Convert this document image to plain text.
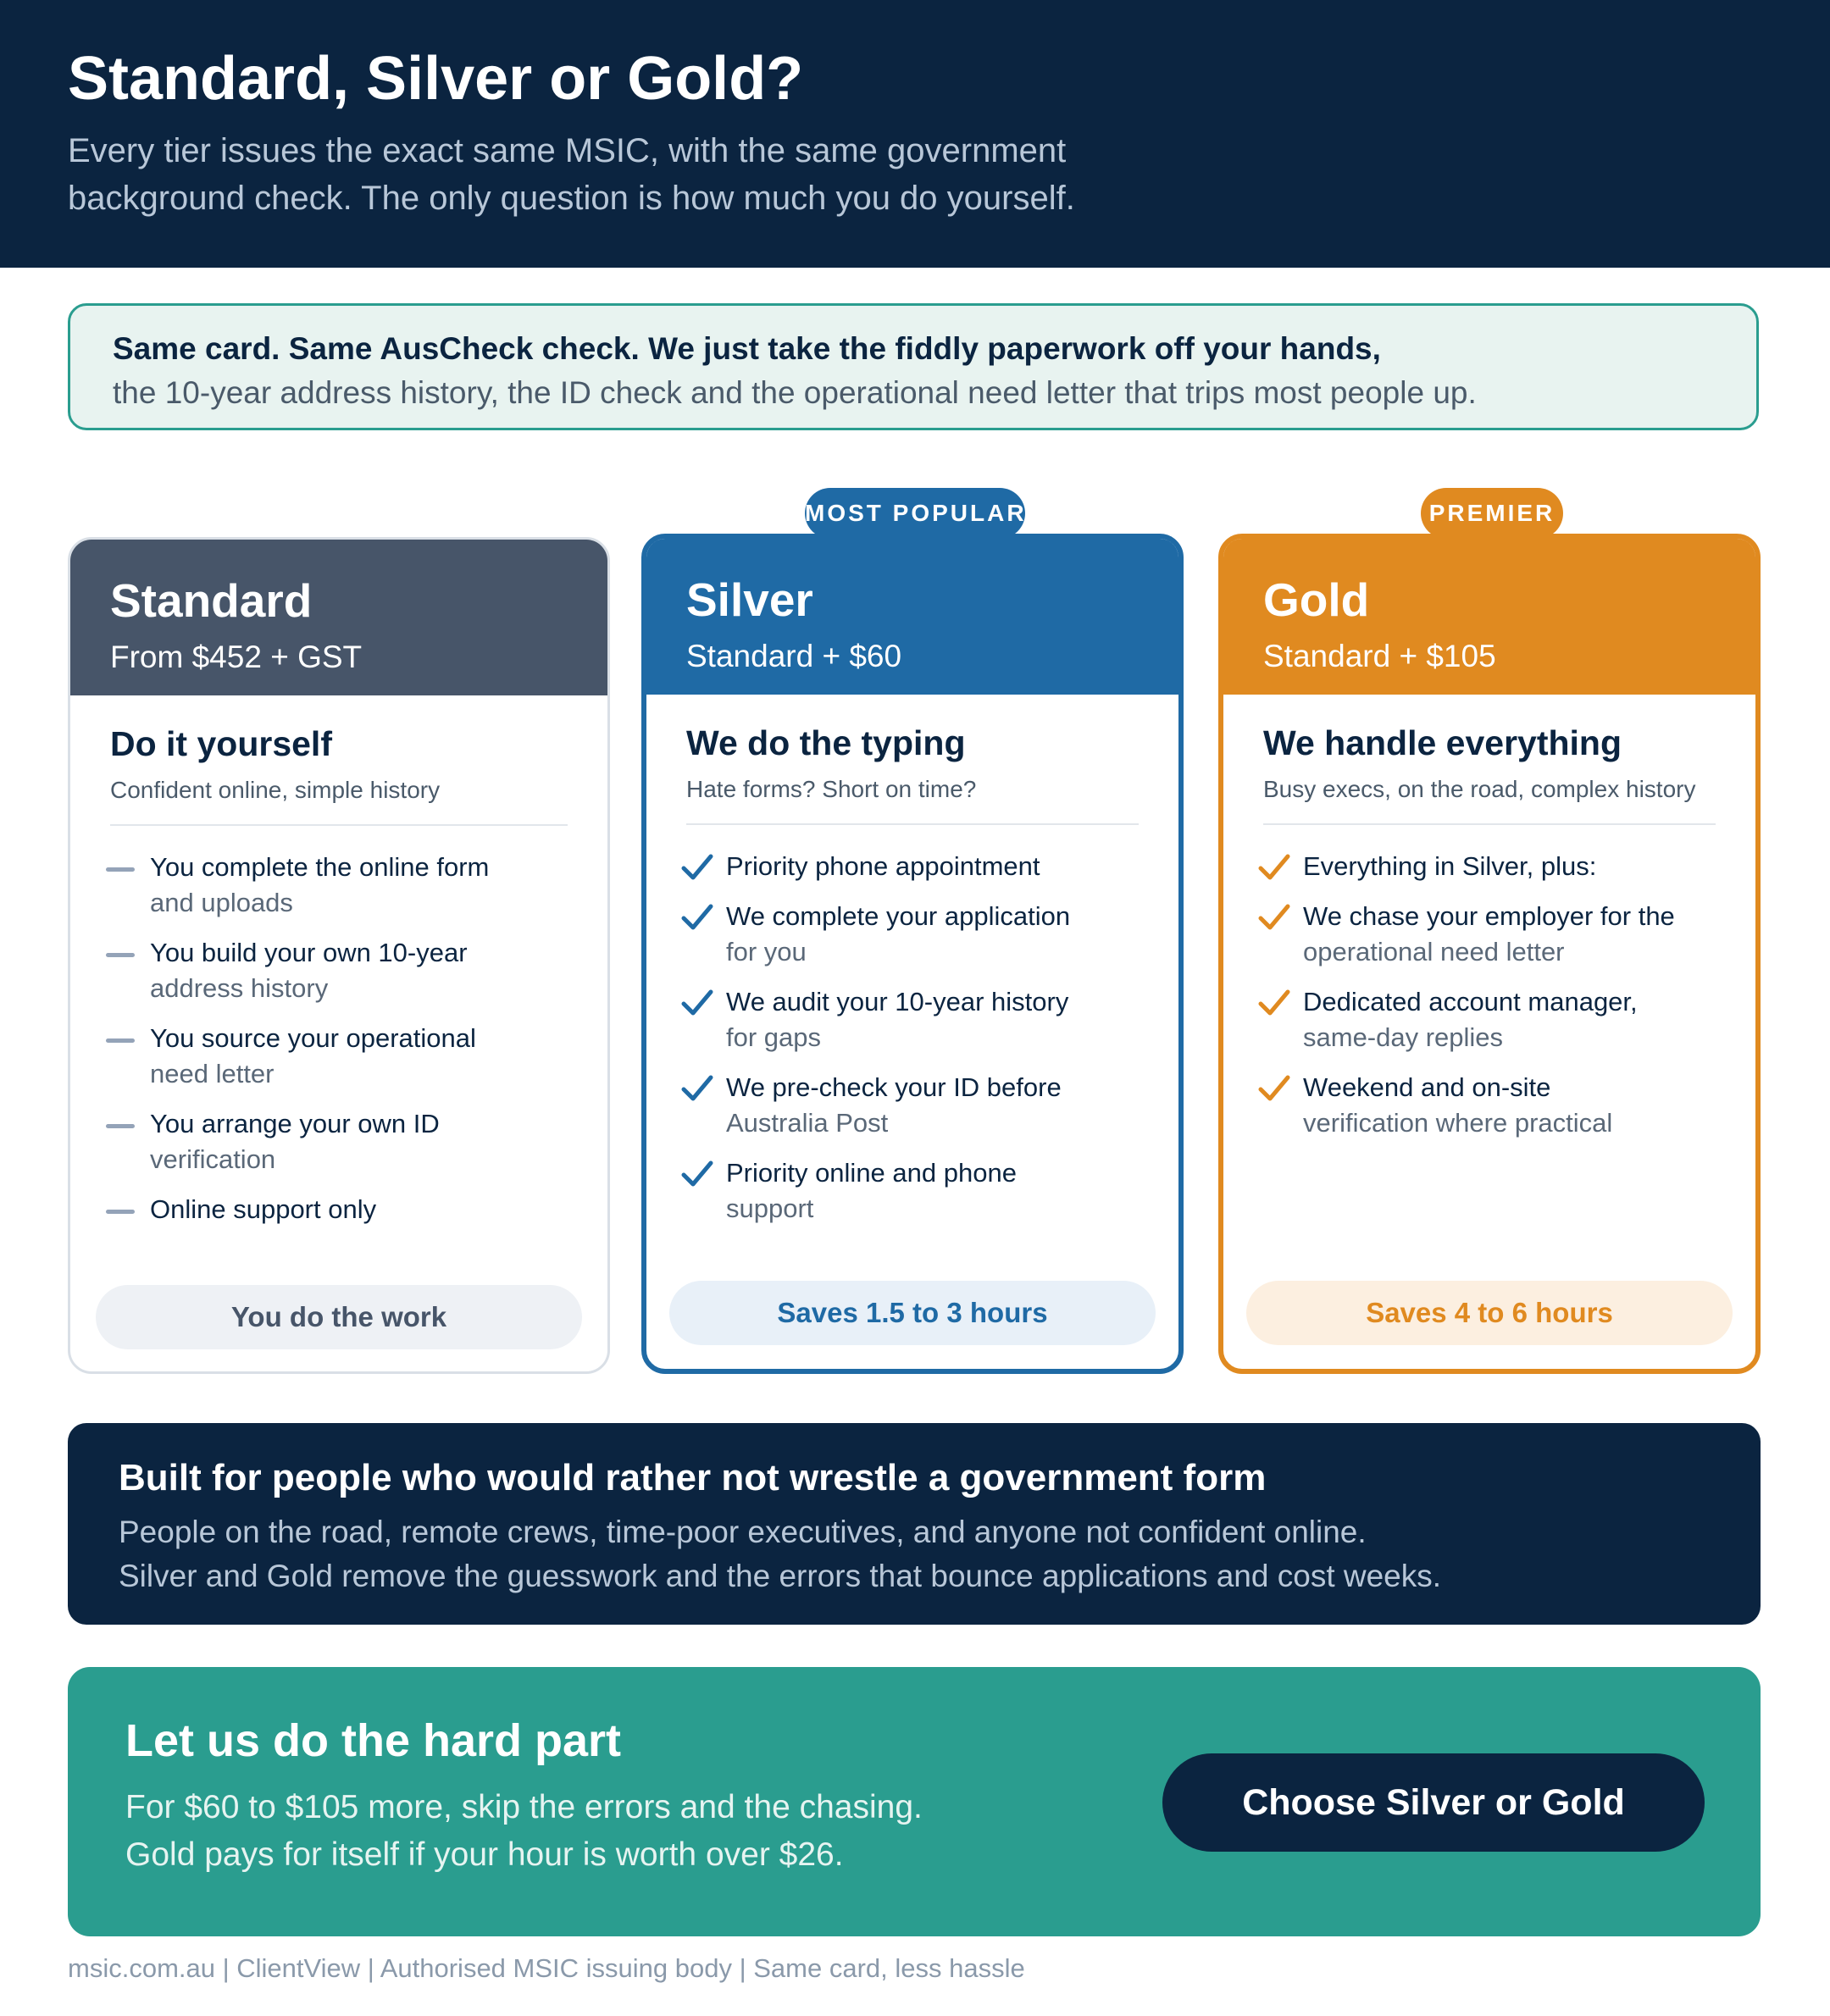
Standard, Silver or Gold?

Every tier issues the exact same MSIC, with the same government background check. The only question is how much you do yourself.

Same card. Same AusCheck check. We just take the fiddly paperwork off your hands,
the 10-year address history, the ID check and the operational need letter that trips most people up.
MOST POPULAR	PREMIER
Standard
From $452 + GST
Do it yourself
Confident online, simple history
You complete the online form
and uploads
You build your own 10-year
address history
You source your operational
need letter
You arrange your own ID
verification
Online support only
You do the work
Silver
Standard + $60
We do the typing
Hate forms? Short on time?
Priority phone appointment
We complete your application
for you
We audit your 10-year history
for gaps
We pre-check your ID before
Australia Post
Priority online and phone
support
Saves 1.5 to 3 hours
Gold
Standard + $105
We handle everything
Busy execs, on the road, complex history
Everything in Silver, plus:
We chase your employer for the
operational need letter
Dedicated account manager,
same-day replies
Weekend and on-site
verification where practical
Saves 4 to 6 hours
Built for people who would rather not wrestle a government form
People on the road, remote crews, time-poor executives, and anyone not confident online.
Silver and Gold remove the guesswork and the errors that bounce applications and cost weeks.
Let us do the hard part
For $60 to $105 more, skip the errors and the chasing.
Gold pays for itself if your hour is worth over $26.
Choose Silver or Gold
msic.com.au | ClientView | Authorised MSIC issuing body | Same card, less hassle
